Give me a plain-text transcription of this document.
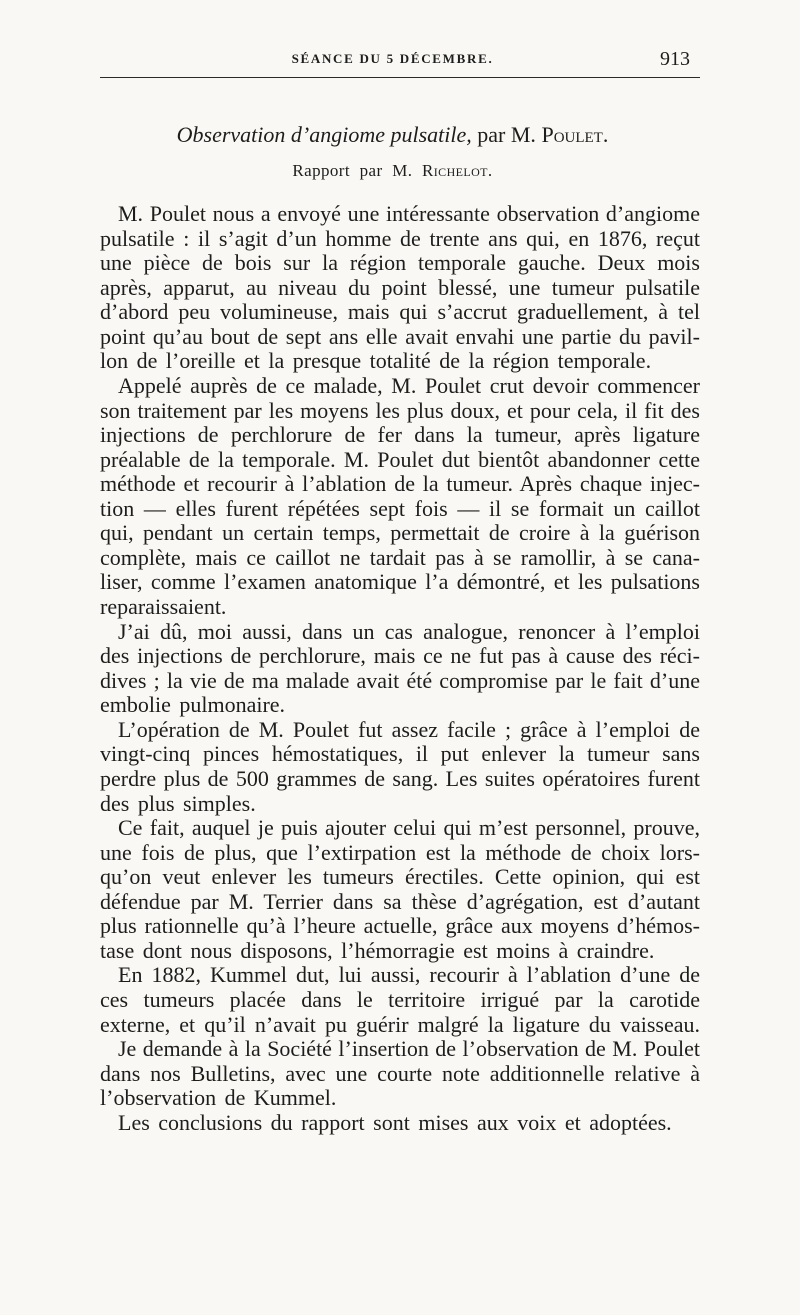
SÉANCE DU 5 DÉCEMBRE.	913
Observation d’angiome pulsatile, par M. poulet.
Rapport par M. richelot.
M. Poulet nous a envoyé une intéressante observation d’angiome
pulsatile : il s’agit d’un homme de trente ans qui, en 1876, reçut
une pièce de bois sur la région temporale gauche. Deux mois
après, apparut, au niveau du point blessé, une tumeur pulsatile
d’abord peu volumineuse, mais qui s’accrut graduellement, à tel
point qu’au bout de sept ans elle avait envahi une partie du pavil-
lon de l’oreille et la presque totalité de la région temporale.
Appelé auprès de ce malade, M. Poulet crut devoir commencer
son traitement par les moyens les plus doux, et pour cela, il fit des
injections de perchlorure de fer dans la tumeur, après ligature
préalable de la temporale. M. Poulet dut bientôt abandonner cette
méthode et recourir à l’ablation de la tumeur. Après chaque injec-
tion — elles furent répétées sept fois — il se formait un caillot
qui, pendant un certain temps, permettait de croire à la guérison
complète, mais ce caillot ne tardait pas à se ramollir, à se cana-
liser, comme l’examen anatomique l’a démontré, et les pulsations
reparaissaient.
J’ai dû, moi aussi, dans un cas analogue, renoncer à l’emploi
des injections de perchlorure, mais ce ne fut pas à cause des réci-
dives ; la vie de ma malade avait été compromise par le fait d’une
embolie pulmonaire.
L’opération de M. Poulet fut assez facile ; grâce à l’emploi de
vingt-cinq pinces hémostatiques, il put enlever la tumeur sans
perdre plus de 500 grammes de sang. Les suites opératoires furent
des plus simples.
Ce fait, auquel je puis ajouter celui qui m’est personnel, prouve,
une fois de plus, que l’extirpation est la méthode de choix lors-
qu’on veut enlever les tumeurs érectiles. Cette opinion, qui est
défendue par M. Terrier dans sa thèse d’agrégation, est d’autant
plus rationnelle qu’à l’heure actuelle, grâce aux moyens d’hémos-
tase dont nous disposons, l’hémorragie est moins à craindre.
En 1882, Kummel dut, lui aussi, recourir à l’ablation d’une de
ces tumeurs placée dans le territoire irrigué par la carotide
externe, et qu’il n’avait pu guérir malgré la ligature du vaisseau.
Je demande à la Société l’insertion de l’observation de M. Poulet
dans nos Bulletins, avec une courte note additionnelle relative à
l’observation de Kummel.
Les conclusions du rapport sont mises aux voix et adoptées.
